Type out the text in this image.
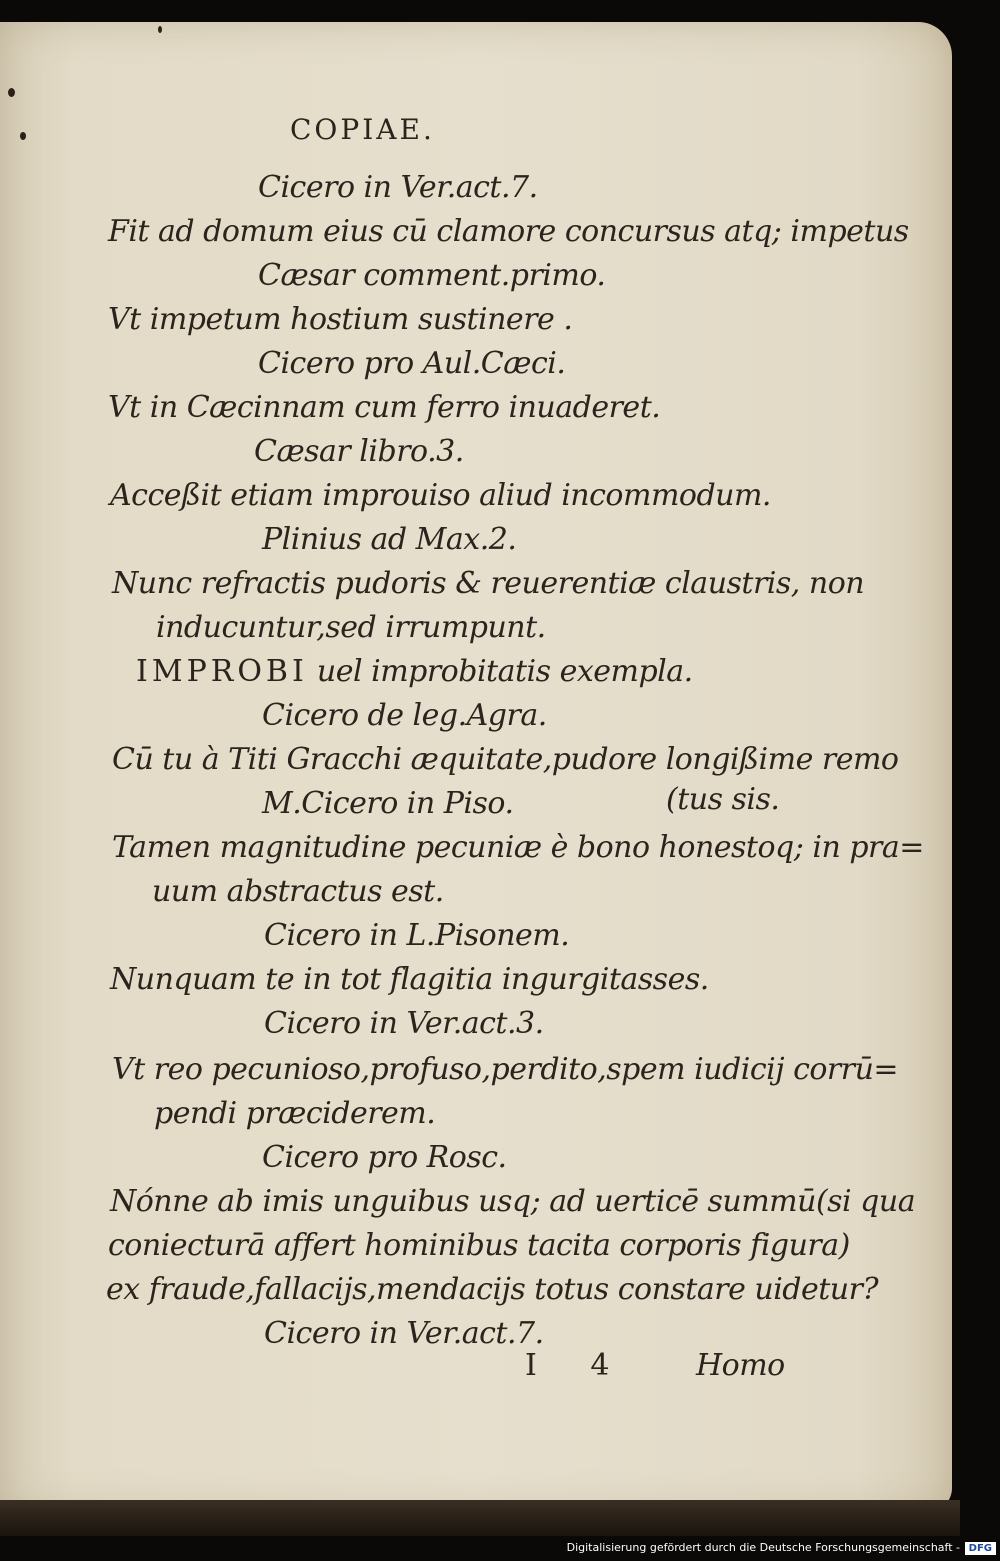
COPIAE.
Cicero in Ver.act.7.
Fit ad domum eius cū clamore concursus atq; impetus
Cæsar comment.primo.
Vt impetum hostium sustinere .
Cicero pro Aul.Cæci.
Vt in Cæcinnam cum ferro inuaderet.
Cæsar libro.3.
Acceßit etiam improuiso aliud incommodum.
Plinius ad Max.2.
Nunc refractis pudoris & reuerentiæ claustris, non
inducuntur,sed irrumpunt.
IMPROBI uel improbitatis exempla.
Cicero de leg.Agra.
Cū tu à Titi Gracchi æquitate,pudore longißime remo
M.Cicero in Piso.	(tus sis.
Tamen magnitudine pecuniæ è bono honestoq; in pra=
uum abstractus est.
Cicero in L.Pisonem.
Nunquam te in tot flagitia ingurgitasses.
Cicero in Ver.act.3.
Vt reo pecunioso,profuso,perdito,spem iudicij corrū=
pendi præciderem.
Cicero pro Rosc.
Nónne ab imis unguibus usq; ad uerticē summū(si qua
coniecturā affert hominibus tacita corporis figura)
ex fraude,fallacijs,mendacijs totus constare uidetur?
Cicero in Ver.act.7.
I 4 Homo
Digitalisierung gefördert durch die Deutsche Forschungsgemeinschaft - DFG
